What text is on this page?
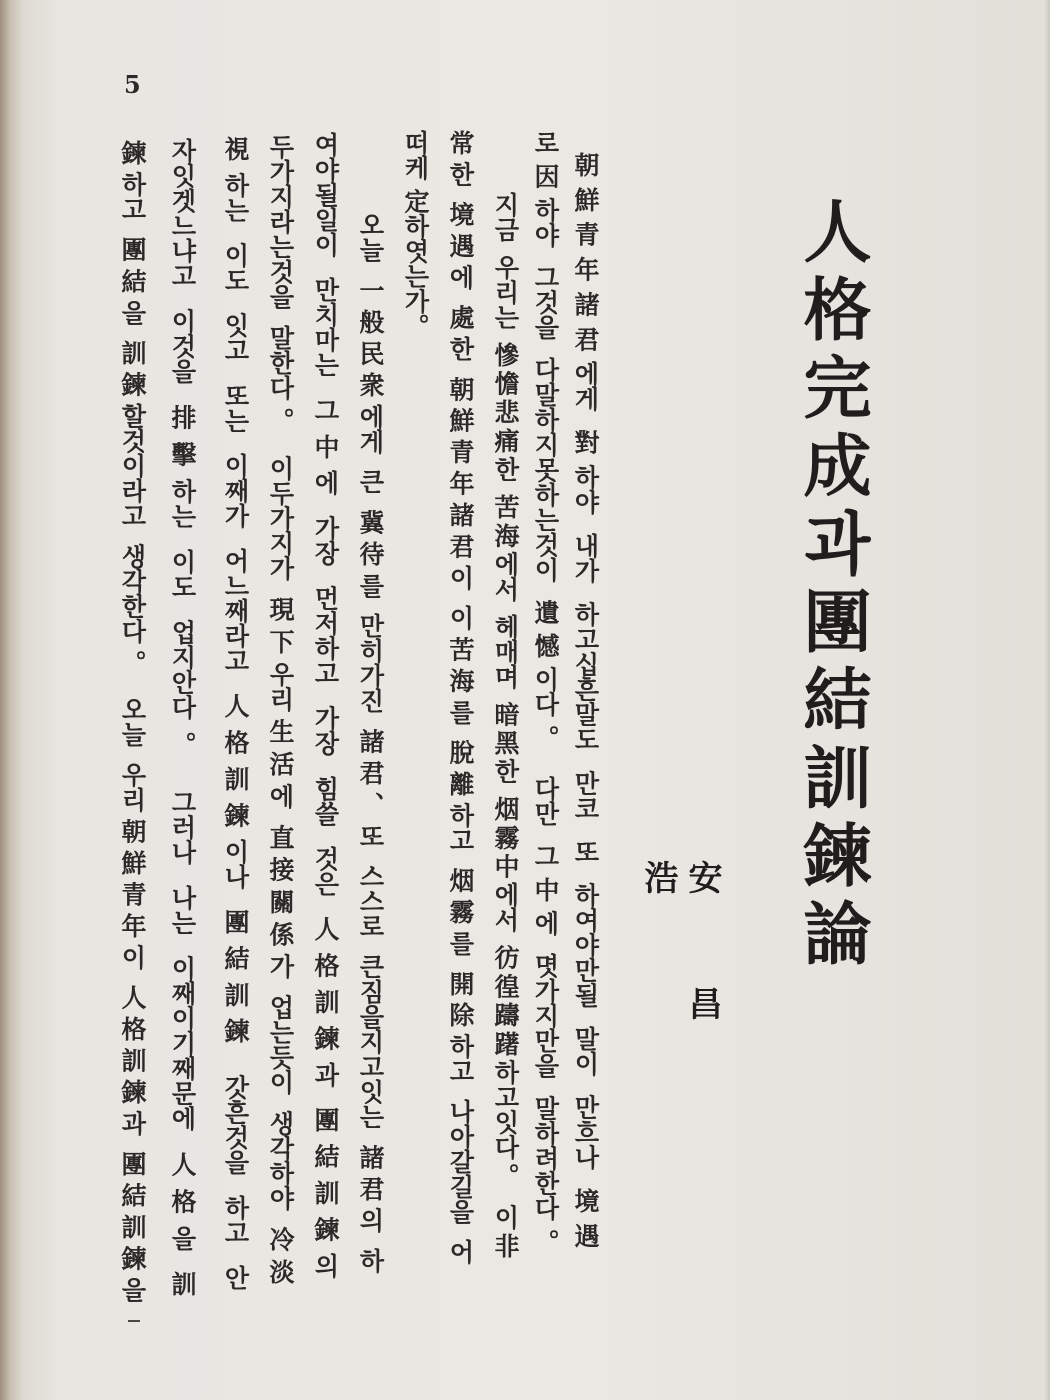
5
人格完成과團結訓鍊論
安昌浩
朝鮮青年諸君에게 對하야 내가 하고십흔말도 만코 또 하여야만될 말이 만흐나 境遇
로因하야 그것을 다말하지못하는것이 遺憾이다。 다만 그中에 몃가지만을 말하려한다。
지금 우리는 慘憺悲痛한 苦海에서 헤매며 暗黑한 烟霧中에서 彷徨躊躇하고잇다。 이非
常한 境遇에 處한 朝鮮青年諸君이 이苦海를 脫離하고 烟霧를 開除하고 나아갈길을 어
떠케 定하엿는가。
오늘 一般民衆에게 큰 冀待를 만히가진 諸君、또 스스로 큰짐을지고잇는 諸君의 하
여야될일이 만치마는 그中에 가장 먼저하고 가장 힘쓸 것은 人格訓鍊과 團結訓鍊의
두가지라는것을 말한다。 이두가지가 現下우리生活에 直接關係가 업는듯이 생각하야 冷淡
視하는 이도 잇고 또는 이째가 어느째라고 人格訓鍊이나 團結訓鍊 갓흔것을 하고 안
자잇겟느냐고 이것을 排擊하는 이도 업지안다。 그러나 나는 이째이기째문에 人格을 訓
鍊하고 團結을 訓鍊할것이라고 생각한다。 오늘 우리朝鮮青年이 人格訓鍊과 團結訓鍊을
